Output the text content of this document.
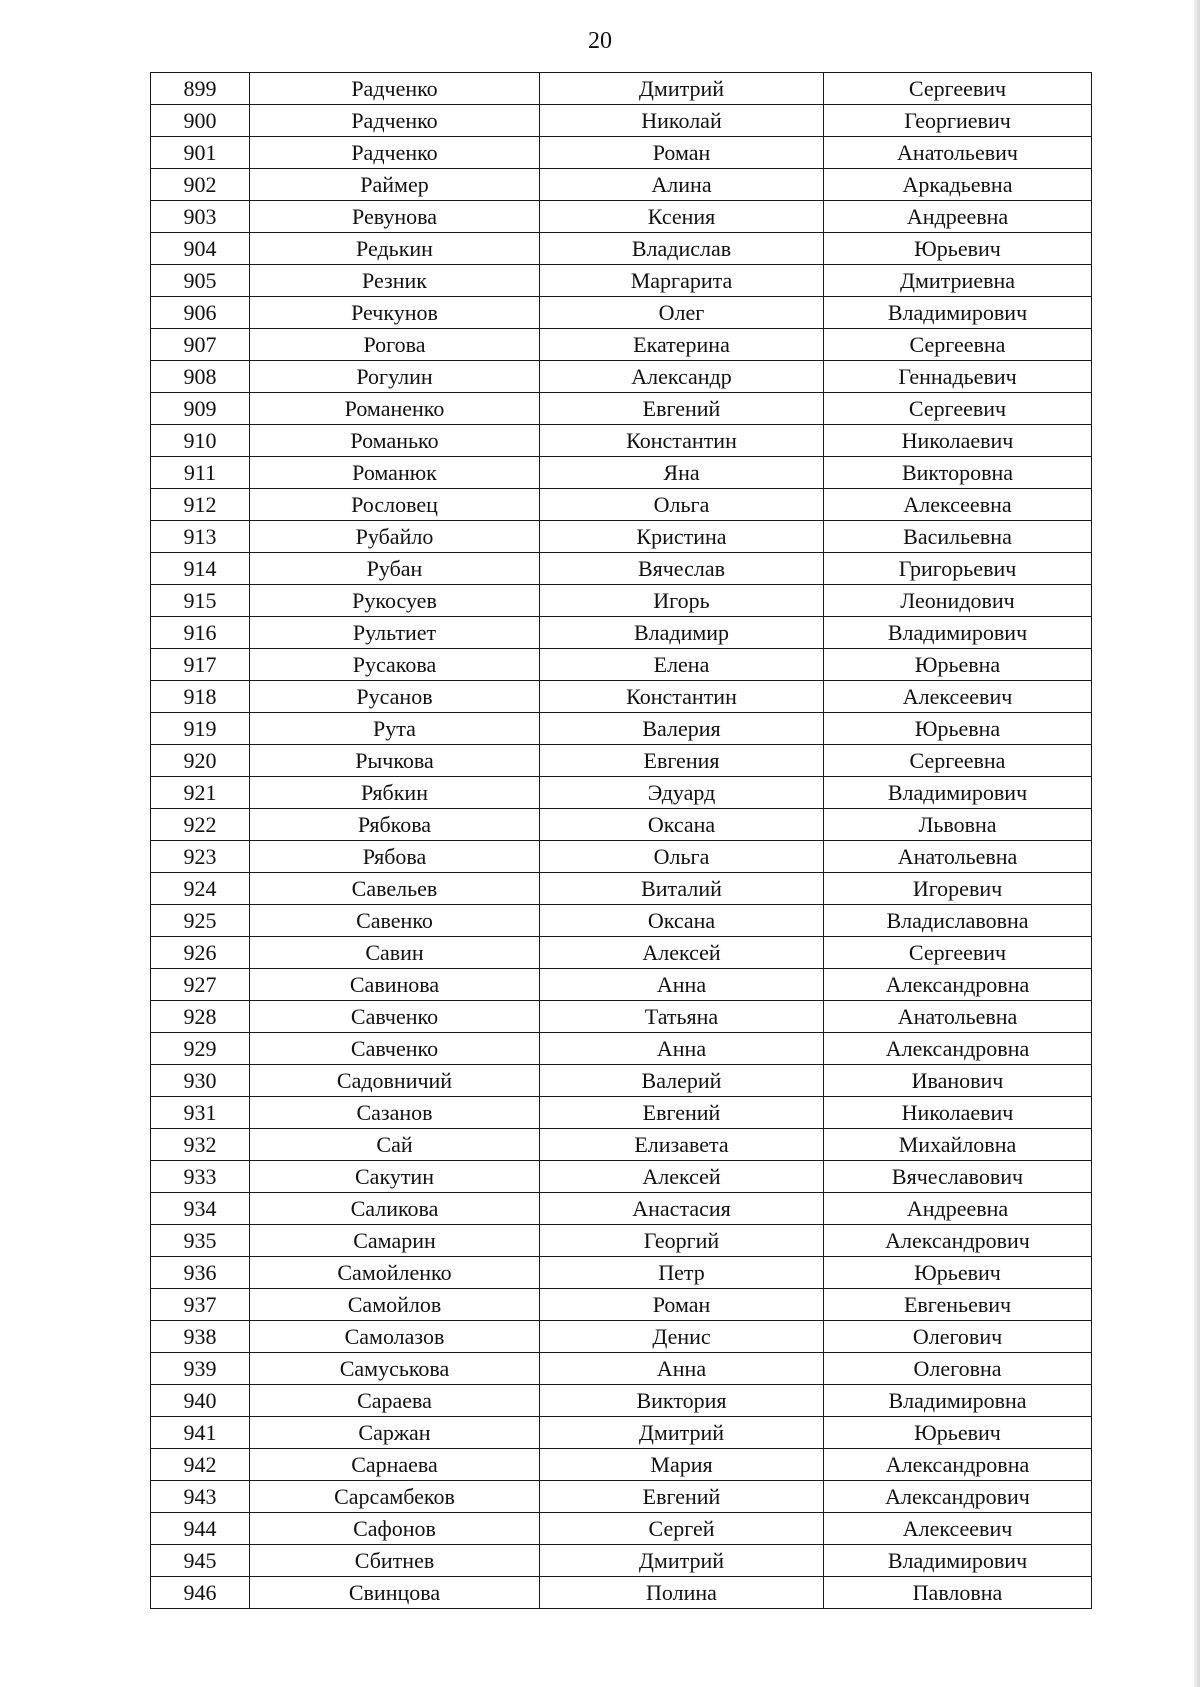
20
899	Радченко	Дмитрий	Сергеевич
900	Радченко	Николай	Георгиевич
901	Радченко	Роман	Анатольевич
902	Раймер	Алина	Аркадьевна
903	Ревунова	Ксения	Андреевна
904	Редькин	Владислав	Юрьевич
905	Резник	Маргарита	Дмитриевна
906	Речкунов	Олег	Владимирович
907	Рогова	Екатерина	Сергеевна
908	Рогулин	Александр	Геннадьевич
909	Романенко	Евгений	Сергеевич
910	Романько	Константин	Николаевич
911	Романюк	Яна	Викторовна
912	Рословец	Ольга	Алексеевна
913	Рубайло	Кристина	Васильевна
914	Рубан	Вячеслав	Григорьевич
915	Рукосуев	Игорь	Леонидович
916	Рультиет	Владимир	Владимирович
917	Русакова	Елена	Юрьевна
918	Русанов	Константин	Алексеевич
919	Рута	Валерия	Юрьевна
920	Рычкова	Евгения	Сергеевна
921	Рябкин	Эдуард	Владимирович
922	Рябкова	Оксана	Львовна
923	Рябова	Ольга	Анатольевна
924	Савельев	Виталий	Игоревич
925	Савенко	Оксана	Владиславовна
926	Савин	Алексей	Сергеевич
927	Савинова	Анна	Александровна
928	Савченко	Татьяна	Анатольевна
929	Савченко	Анна	Александровна
930	Садовничий	Валерий	Иванович
931	Сазанов	Евгений	Николаевич
932	Сай	Елизавета	Михайловна
933	Сакутин	Алексей	Вячеславович
934	Саликова	Анастасия	Андреевна
935	Самарин	Георгий	Александрович
936	Самойленко	Петр	Юрьевич
937	Самойлов	Роман	Евгеньевич
938	Самолазов	Денис	Олегович
939	Самуськова	Анна	Олеговна
940	Сараева	Виктория	Владимировна
941	Саржан	Дмитрий	Юрьевич
942	Сарнаева	Мария	Александровна
943	Сарсамбеков	Евгений	Александрович
944	Сафонов	Сергей	Алексеевич
945	Сбитнев	Дмитрий	Владимирович
946	Свинцова	Полина	Павловна
